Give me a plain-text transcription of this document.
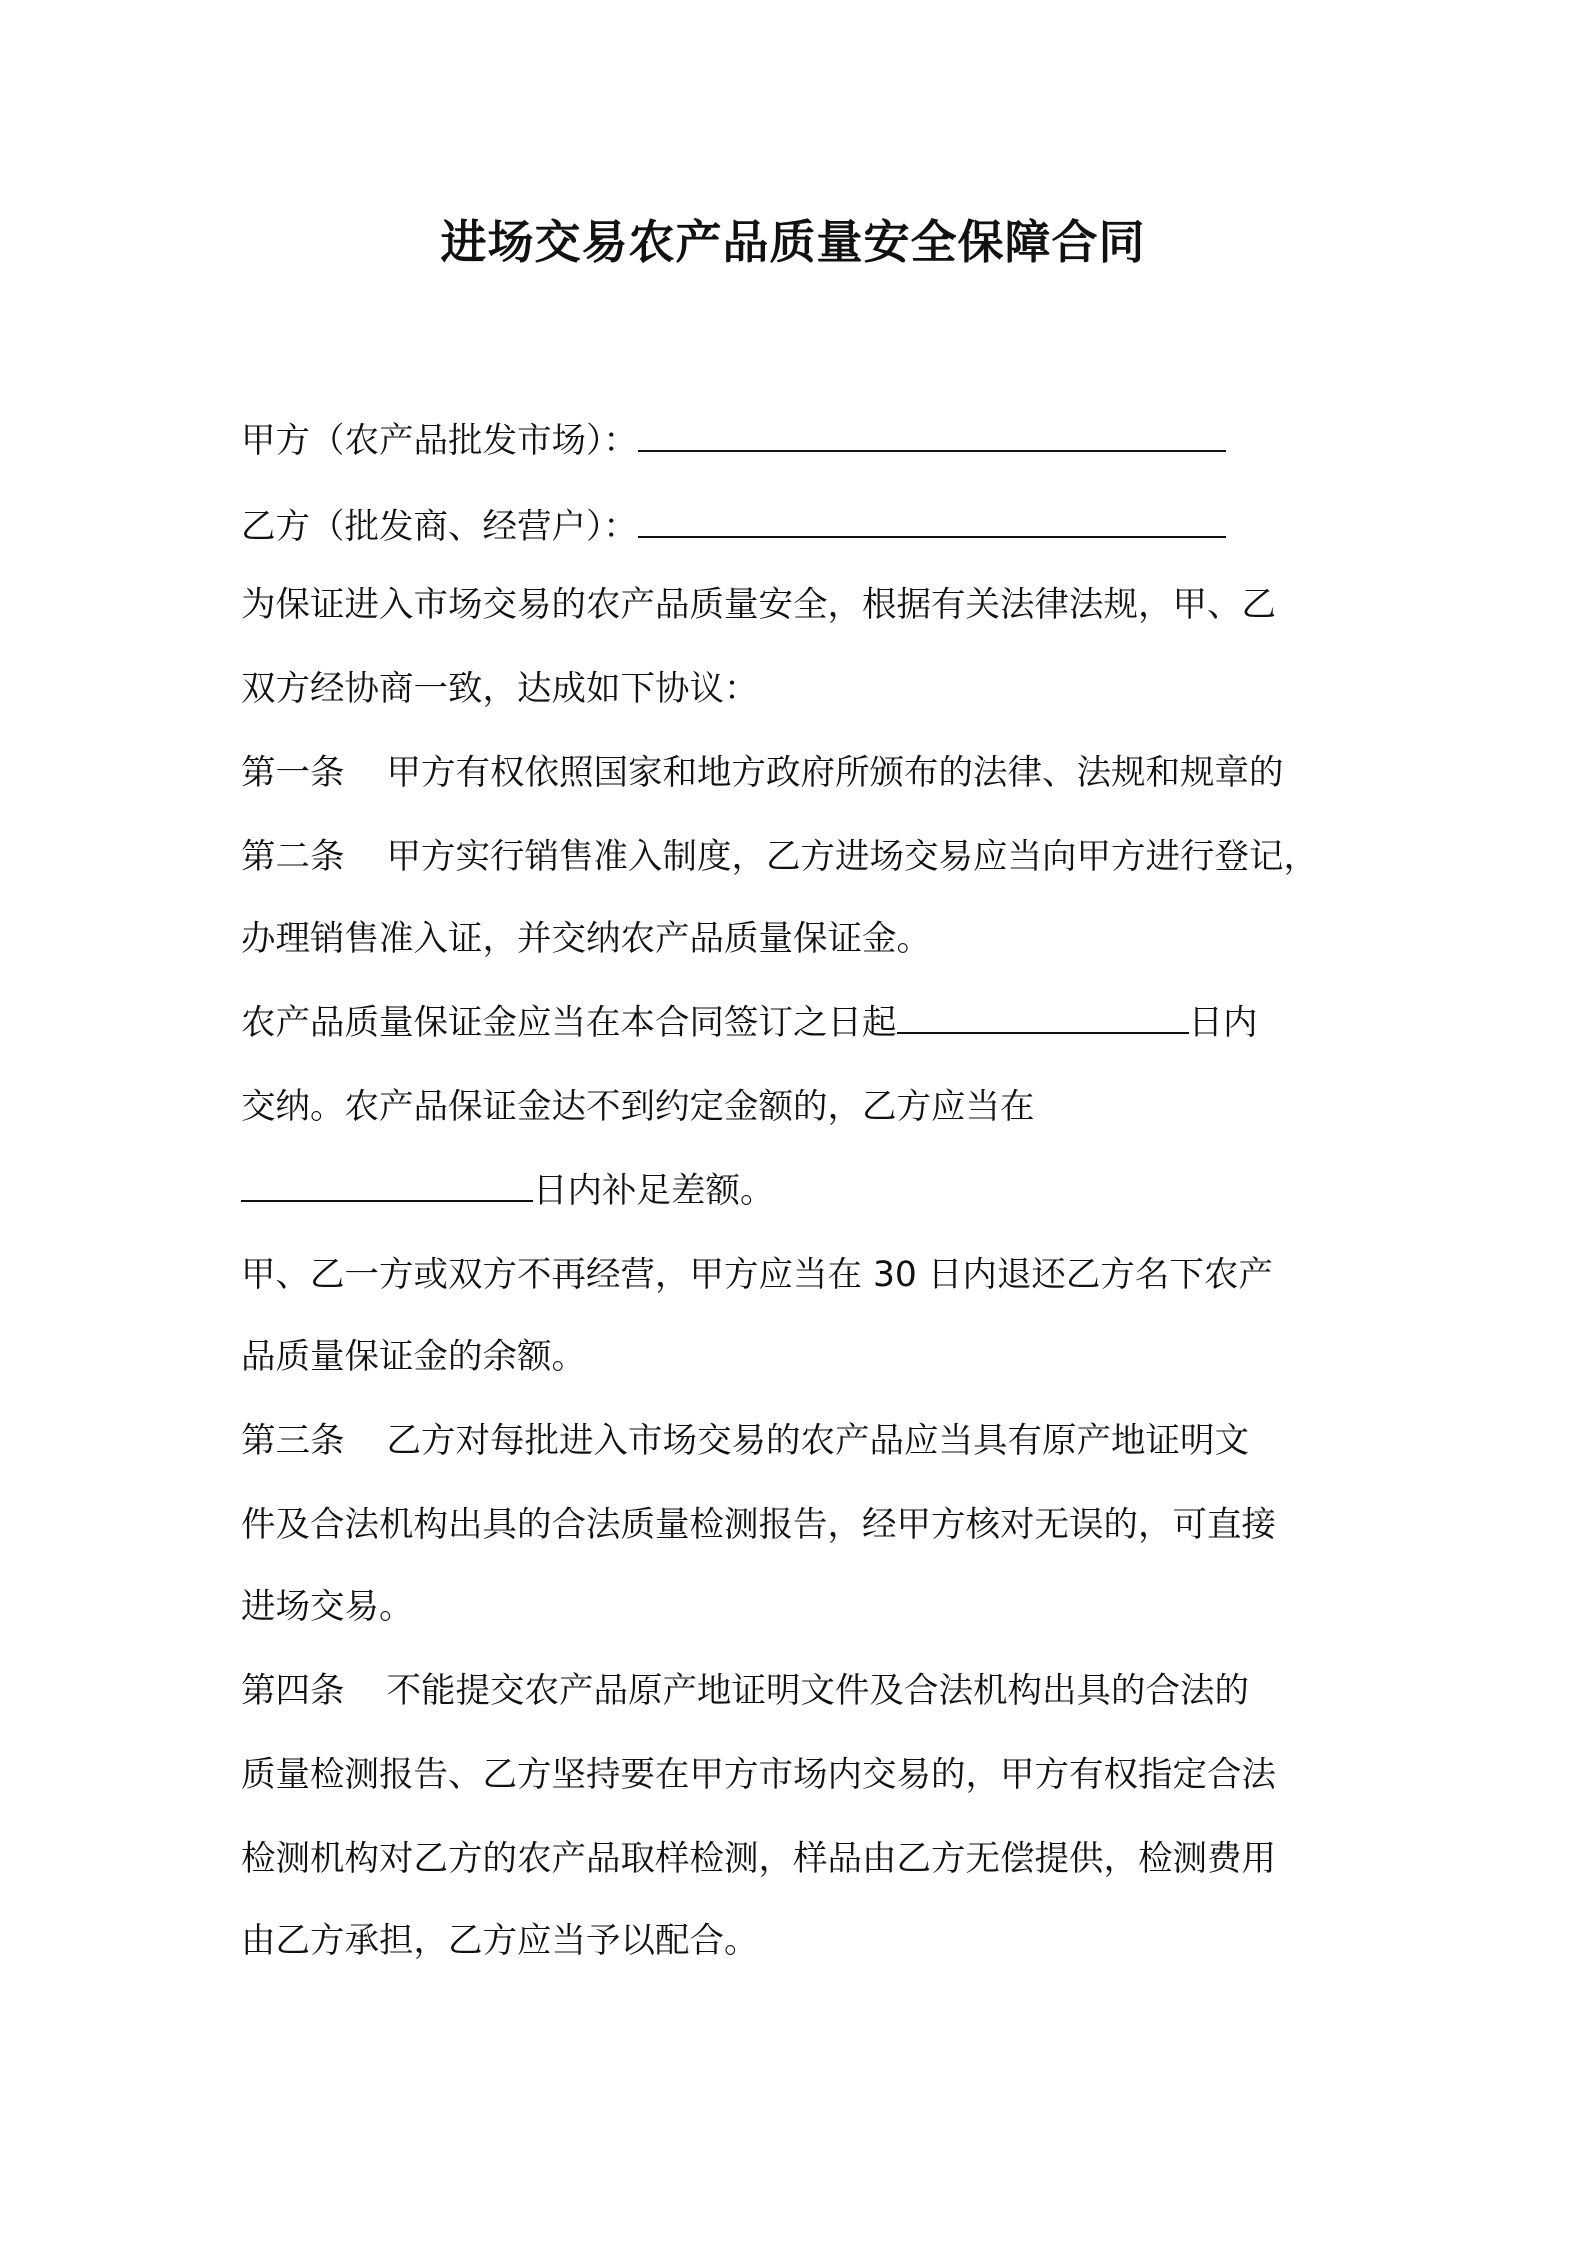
进场交易农产品质量安全保障合同
甲方（农产品批发市场）：
乙方（批发商、经营户）：
为保证进入市场交易的农产品质量安全，根据有关法律法规，甲、乙
双方经协商一致，达成如下协议：
第一条 甲方有权依照国家和地方政府所颁布的法律、法规和规章的
第二条 甲方实行销售准入制度，乙方进场交易应当向甲方进行登记，
办理销售准入证，并交纳农产品质量保证金。
农产品质量保证金应当在本合同签订之日起	日内
交纳。农产品保证金达不到约定金额的，乙方应当在
日内补足差额。
甲、乙一方或双方不再经营，甲方应当在 30 日内退还乙方名下农产
品质量保证金的余额。
第三条 乙方对每批进入市场交易的农产品应当具有原产地证明文
件及合法机构出具的合法质量检测报告，经甲方核对无误的，可直接
进场交易。
第四条 不能提交农产品原产地证明文件及合法机构出具的合法的
质量检测报告、乙方坚持要在甲方市场内交易的，甲方有权指定合法
检测机构对乙方的农产品取样检测，样品由乙方无偿提供，检测费用
由乙方承担，乙方应当予以配合。
